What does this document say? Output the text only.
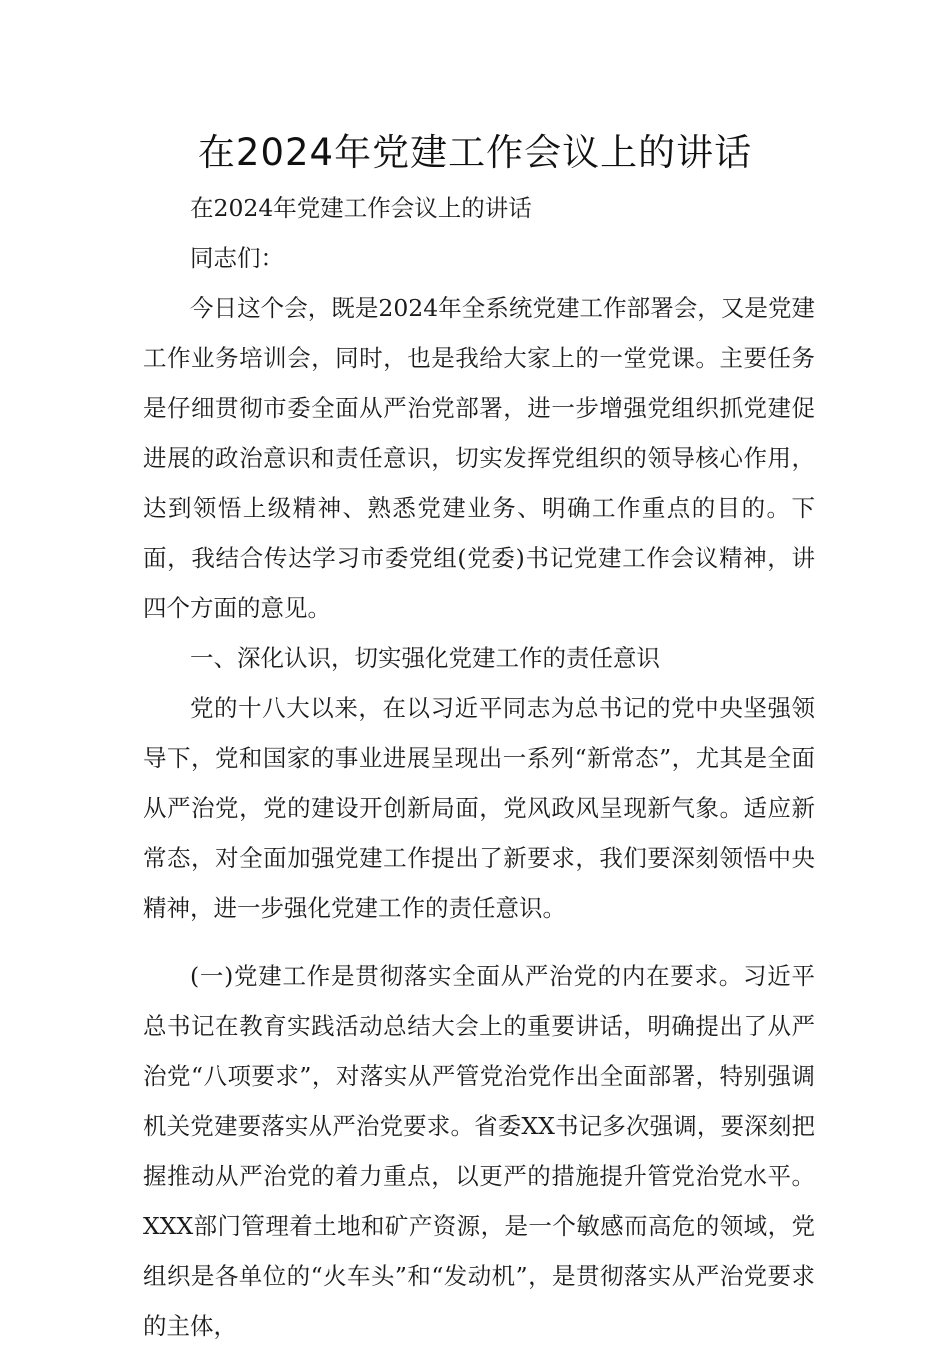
在2024年党建工作会议上的讲话

在2024年党建工作会议上的讲话

同志们：

今日这个会，既是2024年全系统党建工作部署会，又是党建工作业务培训会，同时，也是我给大家上的一堂党课。主要任务是仔细贯彻市委全面从严治党部署，进一步增强党组织抓党建促进展的政治意识和责任意识，切实发挥党组织的领导核心作用，达到领悟上级精神、熟悉党建业务、明确工作重点的目的。下面，我结合传达学习市委党组(党委)书记党建工作会议精神，讲四个方面的意见。

一、深化认识，切实强化党建工作的责任意识

党的十八大以来，在以习近平同志为总书记的党中央坚强领导下，党和国家的事业进展呈现出一系列“新常态”，尤其是全面从严治党，党的建设开创新局面，党风政风呈现新气象。适应新常态，对全面加强党建工作提出了新要求，我们要深刻领悟中央精神，进一步强化党建工作的责任意识。

(一)党建工作是贯彻落实全面从严治党的内在要求。习近平总书记在教育实践活动总结大会上的重要讲话，明确提出了从严治党“八项要求”，对落实从严管党治党作出全面部署，特别强调机关党建要落实从严治党要求。省委XX书记多次强调，要深刻把握推动从严治党的着力重点，以更严的措施提升管党治党水平。XXX部门管理着土地和矿产资源，是一个敏感而高危的领域，党组织是各单位的“火车头”和“发动机”，是贯彻落实从严治党要求的主体，
